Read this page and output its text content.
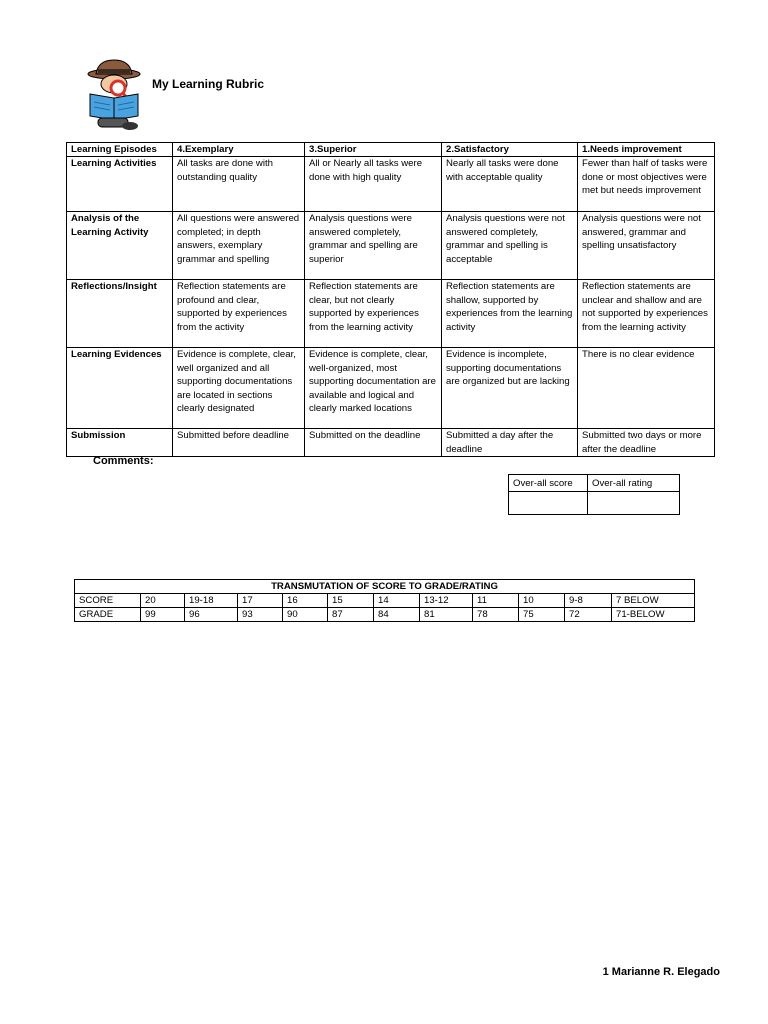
My Learning Rubric
Learning Episodes	4.Exemplary	3.Superior	2.Satisfactory	1.Needs improvement
Learning Activities	All tasks are done with outstanding quality	All or Nearly all tasks were done with high quality	Nearly all tasks were done with acceptable quality	Fewer than half of tasks were done or most objectives were met but needs improvement
Analysis of the Learning Activity	All questions were answered completed; in depth answers, exemplary grammar and spelling	Analysis questions were answered completely, grammar and spelling are superior	Analysis questions were not answered completely, grammar and spelling is acceptable	Analysis questions were not answered, grammar and spelling unsatisfactory
Reflections/Insight	Reflection statements are profound and clear, supported by experiences from the activity	Reflection statements are clear, but not clearly supported by experiences from the learning activity	Reflection statements are shallow, supported by experiences from the learning activity	Reflection statements are unclear and shallow and are not supported by experiences from the learning activity
Learning Evidences	Evidence is complete, clear, well organized and all supporting documentations are located in sections clearly designated	Evidence is complete, clear, well-organized, most supporting documentation are available and logical and clearly marked locations	Evidence is incomplete, supporting documentations are organized but are lacking	There is no clear evidence
Submission	Submitted before deadline	Submitted on the deadline	Submitted a day after the deadline	Submitted two days or more after the deadline
Comments:
Over-all score	Over-all rating

TRANSMUTATION OF SCORE TO GRADE/RATING											
SCORE	20	19-18	17	16	15	14	13-12	11	10	9-8	7 BELOW
GRADE	99	96	93	90	87	84	81	78	75	72	71-BELOW
1 Marianne R. Elegado
